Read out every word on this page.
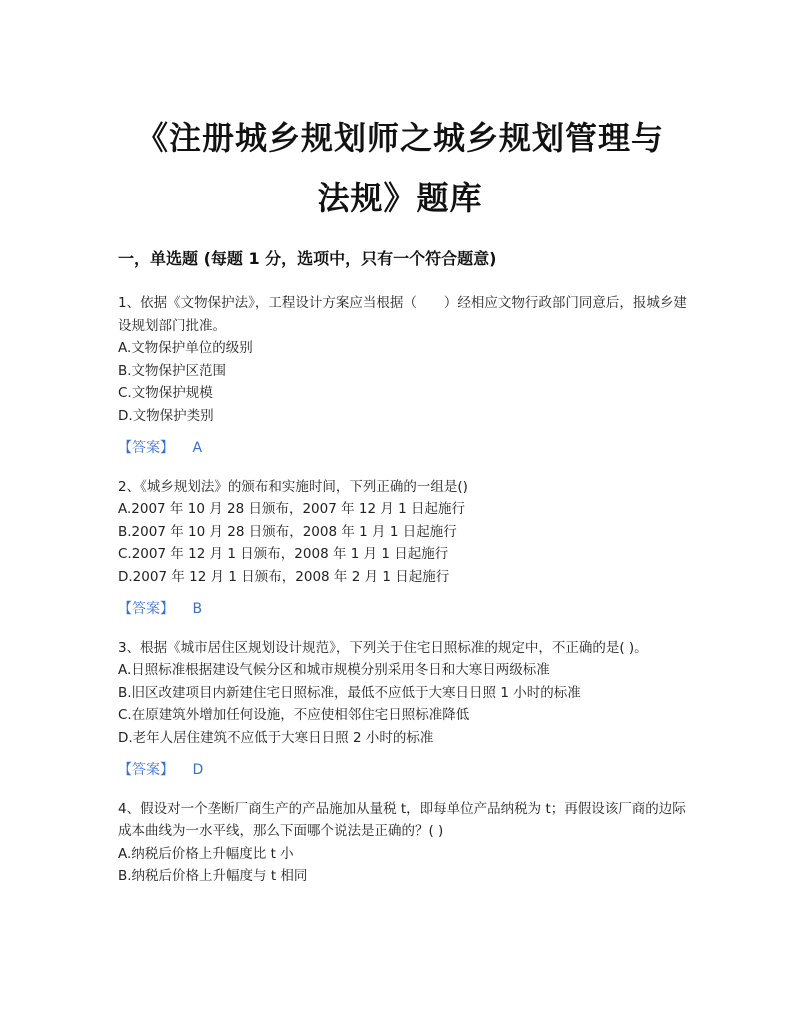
《注册城乡规划师之城乡规划管理与
法规》题库
一，单选题 (每题 1 分，选项中，只有一个符合题意)

1、依据《文物保护法》，工程设计方案应当根据（　　）经相应文物行政部门同意后，报城乡建设规划部门批准。

A.文物保护单位的级别

B.文物保护区范围

C.文物保护规模

D.文物保护类别

【答案】 A

2、《城乡规划法》的颁布和实施时间，下列正确的一组是()

A.2007 年 10 月 28 日颁布，2007 年 12 月 1 日起施行

B.2007 年 10 月 28 日颁布，2008 年 1 月 1 日起施行

C.2007 年 12 月 1 日颁布，2008 年 1 月 1 日起施行

D.2007 年 12 月 1 日颁布，2008 年 2 月 1 日起施行

【答案】 B

3、根据《城市居住区规划设计规范》，下列关于住宅日照标准的规定中，不正确的是( )。

A.日照标准根据建设气候分区和城市规模分别采用冬日和大寒日两级标准

B.旧区改建项目内新建住宅日照标准，最低不应低于大寒日日照 1 小时的标准

C.在原建筑外增加任何设施，不应使相邻住宅日照标准降低

D.老年人居住建筑不应低于大寒日日照 2 小时的标准

【答案】 D

4、假设对一个垄断厂商生产的产品施加从量税 t，即每单位产品纳税为 t；再假设该厂商的边际成本曲线为一水平线，那么下面哪个说法是正确的？( )

A.纳税后价格上升幅度比 t 小

B.纳税后价格上升幅度与 t 相同
